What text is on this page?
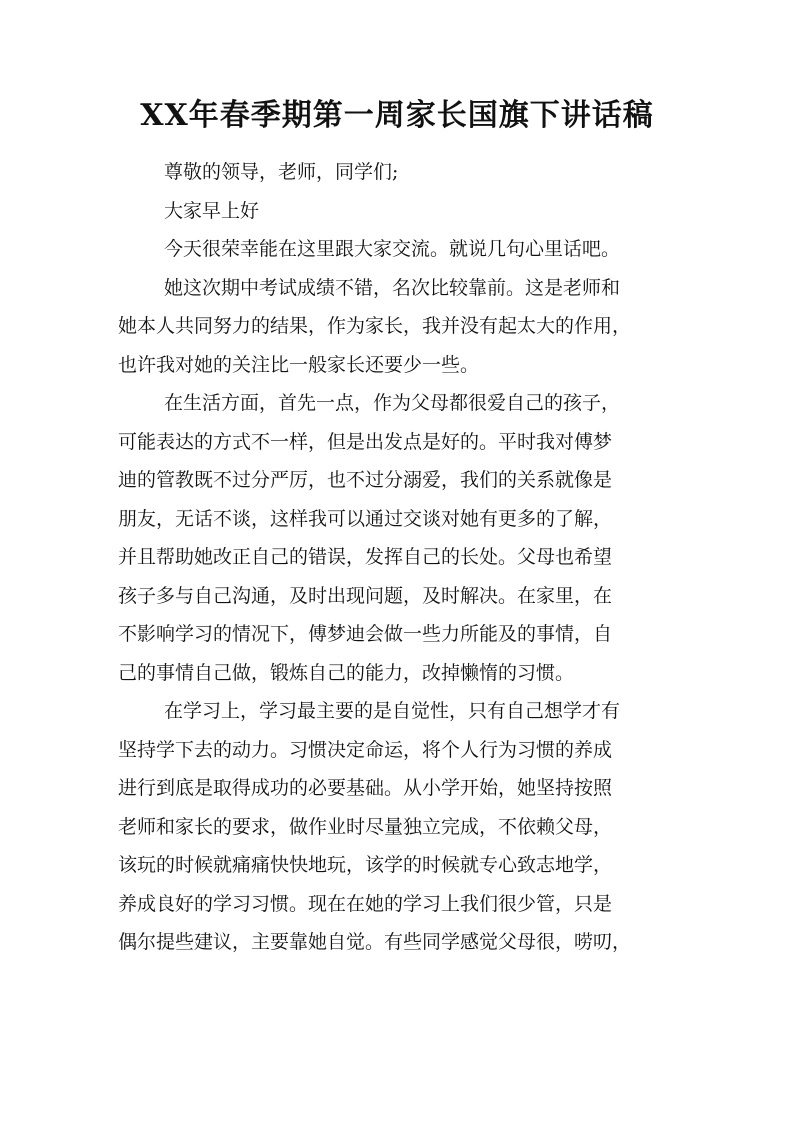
XX年春季期第一周家长国旗下讲话稿
尊敬的领导，老师，同学们;
大家早上好
今天很荣幸能在这里跟大家交流。就说几句心里话吧。
她这次期中考试成绩不错，名次比较靠前。这是老师和
她本人共同努力的结果，作为家长，我并没有起太大的作用，
也许我对她的关注比一般家长还要少一些。
在生活方面，首先一点，作为父母都很爱自己的孩子，
可能表达的方式不一样，但是出发点是好的。平时我对傅梦
迪的管教既不过分严厉，也不过分溺爱，我们的关系就像是
朋友，无话不谈，这样我可以通过交谈对她有更多的了解，
并且帮助她改正自己的错误，发挥自己的长处。父母也希望
孩子多与自己沟通，及时出现问题，及时解决。在家里，在
不影响学习的情况下，傅梦迪会做一些力所能及的事情，自
己的事情自己做，锻炼自己的能力，改掉懒惰的习惯。
在学习上，学习最主要的是自觉性，只有自己想学才有
坚持学下去的动力。习惯决定命运，将个人行为习惯的养成
进行到底是取得成功的必要基础。从小学开始，她坚持按照
老师和家长的要求，做作业时尽量独立完成，不依赖父母，
该玩的时候就痛痛快快地玩，该学的时候就专心致志地学，
养成良好的学习习惯。现在在她的学习上我们很少管，只是
偶尔提些建议，主要靠她自觉。有些同学感觉父母很，唠叨，
